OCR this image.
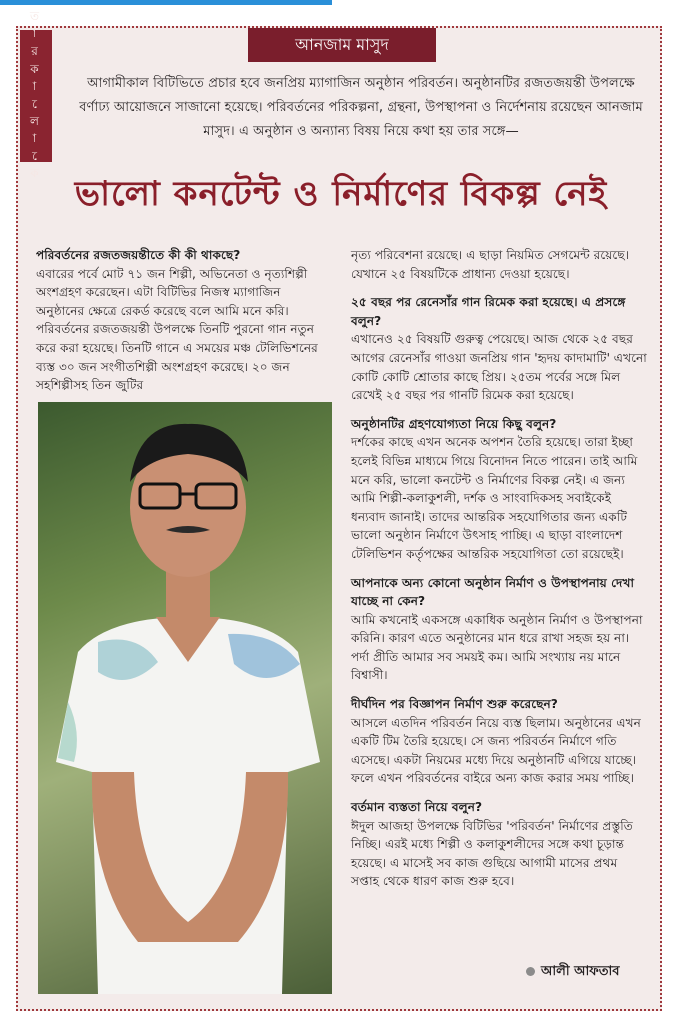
তারকালোকে	আনজাম মাসুদ
আগামীকাল বিটিভিতে প্রচার হবে জনপ্রিয় ম্যাগাজিন অনুষ্ঠান পরিবর্তন। অনুষ্ঠানটির রজতজয়ন্তী উপলক্ষে বর্ণাঢ্য আয়োজনে সাজানো হয়েছে। পরিবর্তনের পরিকল্পনা, গ্রন্থনা, উপস্থাপনা ও নির্দেশনায় রয়েছেন আনজাম মাসুদ। এ অনুষ্ঠান ও অন্যান্য বিষয় নিয়ে কথা হয় তার সঙ্গে—
ভালো কনটেন্ট ও নির্মাণের বিকল্প নেই

পরিবর্তনের রজতজয়ন্তীতে কী কী থাকছে?
এবারের পর্বে মোট ৭১ জন শিল্পী, অভিনেতা ও নৃত্যশিল্পী অংশগ্রহণ করেছেন। এটা বিটিভির নিজস্ব ম্যাগাজিন অনুষ্ঠানের ক্ষেত্রে রেকর্ড করেছে বলে আমি মনে করি। পরিবর্তনের রজতজয়ন্তী উপলক্ষে তিনটি পুরনো গান নতুন করে করা হয়েছে। তিনটি গানে এ সময়ের মঞ্চ টেলিভিশনের ব্যস্ত ৩০ জন সংগীতশিল্পী অংশগ্রহণ করেছে। ২০ জন সহশিল্পীসহ তিন জুটির

নৃত্য পরিবেশনা রয়েছে। এ ছাড়া নিয়মিত সেগমেন্ট রয়েছে। যেখানে ২৫ বিষয়টিকে প্রাধান্য দেওয়া হয়েছে।

২৫ বছর পর রেনেসাঁর গান রিমেক করা হয়েছে। এ প্রসঙ্গে বলুন?
এখানেও ২৫ বিষয়টি গুরুত্ব পেয়েছে। আজ থেকে ২৫ বছর আগের রেনেসাঁর গাওয়া জনপ্রিয় গান 'হৃদয় কাদামাটি' এখনো কোটি কোটি শ্রোতার কাছে প্রিয়। ২৫তম পর্বের সঙ্গে মিল রেখেই ২৫ বছর পর গানটি রিমেক করা হয়েছে।

অনুষ্ঠানটির গ্রহণযোগ্যতা নিয়ে কিছু বলুন?
দর্শকের কাছে এখন অনেক অপশন তৈরি হয়েছে। তারা ইচ্ছা হলেই বিভিন্ন মাধ্যমে গিয়ে বিনোদন নিতে পারেন। তাই আমি মনে করি, ভালো কনটেন্ট ও নির্মাণের বিকল্প নেই। এ জন্য আমি শিল্পী-কলাকুশলী, দর্শক ও সাংবাদিকসহ সবাইকেই ধন্যবাদ জানাই। তাদের আন্তরিক সহযোগিতার জন্য একটি ভালো অনুষ্ঠান নির্মাণে উৎসাহ পাচ্ছি। এ ছাড়া বাংলাদেশ টেলিভিশন কর্তৃপক্ষের আন্তরিক সহযোগিতা তো রয়েছেই।

আপনাকে অন্য কোনো অনুষ্ঠান নির্মাণ ও উপস্থাপনায় দেখা যাচ্ছে না কেন?
আমি কখনোই একসঙ্গে একাধিক অনুষ্ঠান নির্মাণ ও উপস্থাপনা করিনি। কারণ এতে অনুষ্ঠানের মান ধরে রাখা সহজ হয় না। পর্দা প্রীতি আমার সব সময়ই কম। আমি সংখ্যায় নয় মানে বিশ্বাসী।

দীর্ঘদিন পর বিজ্ঞাপন নির্মাণ শুরু করেছেন?
আসলে এতদিন পরিবর্তন নিয়ে ব্যস্ত ছিলাম। অনুষ্ঠানের এখন একটি টিম তৈরি হয়েছে। সে জন্য পরিবর্তন নির্মাণে গতি এসেছে। একটা নিয়মের মধ্যে দিয়ে অনুষ্ঠানটি এগিয়ে যাচ্ছে। ফলে এখন পরিবর্তনের বাইরে অন্য কাজ করার সময় পাচ্ছি।

বর্তমান ব্যস্ততা নিয়ে বলুন?
ঈদুল আজহা উপলক্ষে বিটিভির 'পরিবর্তন' নির্মাণের প্রস্তুতি নিচ্ছি। এরই মধ্যে শিল্পী ও কলাকুশলীদের সঙ্গে কথা চূড়ান্ত হয়েছে। এ মাসেই সব কাজ গুছিয়ে আগামী মাসের প্রথম সপ্তাহ থেকে ধারণ কাজ শুরু হবে।

আলী আফতাব
